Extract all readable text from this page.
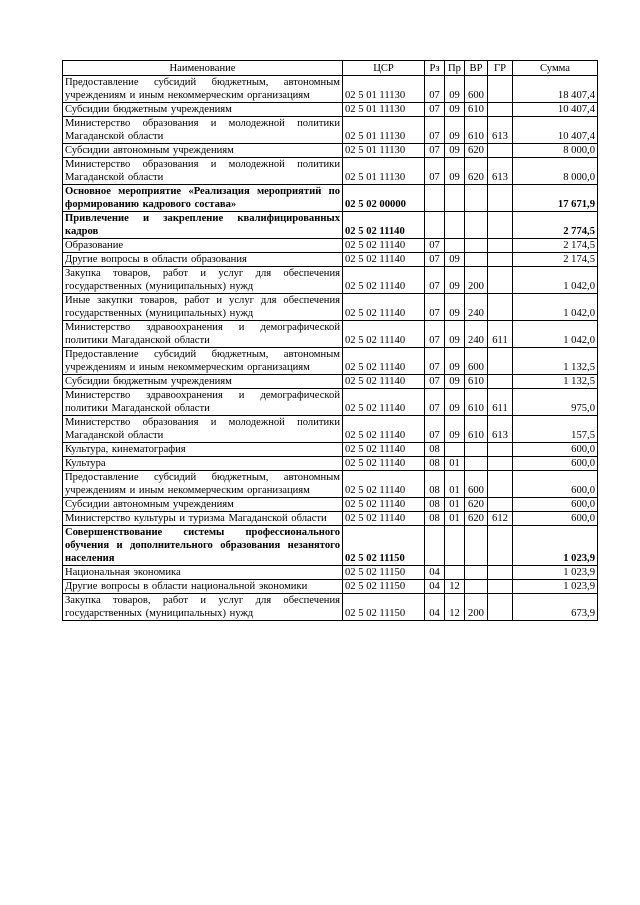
Наименование	ЦСР	Рз	Пр	ВР	ГР	Сумма
Предоставление субсидий бюджетным, автономным учреждениям и иным некоммерческим организациям	02 5 01 11130	07	09	600		18 407,4
Субсидии бюджетным учреждениям	02 5 01 11130	07	09	610		10 407,4
Министерство образования и молодежной политики Магаданской области	02 5 01 11130	07	09	610	613	10 407,4
Субсидии автономным учреждениям	02 5 01 11130	07	09	620		8 000,0
Министерство образования и молодежной политики Магаданской области	02 5 01 11130	07	09	620	613	8 000,0
Основное мероприятие «Реализация мероприятий по формированию кадрового состава»	02 5 02 00000					17 671,9
Привлечение и закрепление квалифицированных кадров	02 5 02 11140					2 774,5
Образование	02 5 02 11140	07				2 174,5
Другие вопросы в области образования	02 5 02 11140	07	09			2 174,5
Закупка товаров, работ и услуг для обеспечения государственных (муниципальных) нужд	02 5 02 11140	07	09	200		1 042,0
Иные закупки товаров, работ и услуг для обеспечения государственных (муниципальных) нужд	02 5 02 11140	07	09	240		1 042,0
Министерство здравоохранения и демографической политики Магаданской области	02 5 02 11140	07	09	240	611	1 042,0
Предоставление субсидий бюджетным, автономным учреждениям и иным некоммерческим организациям	02 5 02 11140	07	09	600		1 132,5
Субсидии бюджетным учреждениям	02 5 02 11140	07	09	610		1 132,5
Министерство здравоохранения и демографической политики Магаданской области	02 5 02 11140	07	09	610	611	975,0
Министерство образования и молодежной политики Магаданской области	02 5 02 11140	07	09	610	613	157,5
Культура, кинематография	02 5 02 11140	08				600,0
Культура	02 5 02 11140	08	01			600,0
Предоставление субсидий бюджетным, автономным учреждениям и иным некоммерческим организациям	02 5 02 11140	08	01	600		600,0
Субсидии автономным учреждениям	02 5 02 11140	08	01	620		600,0
Министерство культуры и туризма Магаданской области	02 5 02 11140	08	01	620	612	600,0
Совершенствование системы профессионального обучения и дополнительного образования незанятого населения	02 5 02 11150					1 023,9
Национальная экономика	02 5 02 11150	04				1 023,9
Другие вопросы в области национальной экономики	02 5 02 11150	04	12			1 023,9
Закупка товаров, работ и услуг для обеспечения государственных (муниципальных) нужд	02 5 02 11150	04	12	200		673,9
